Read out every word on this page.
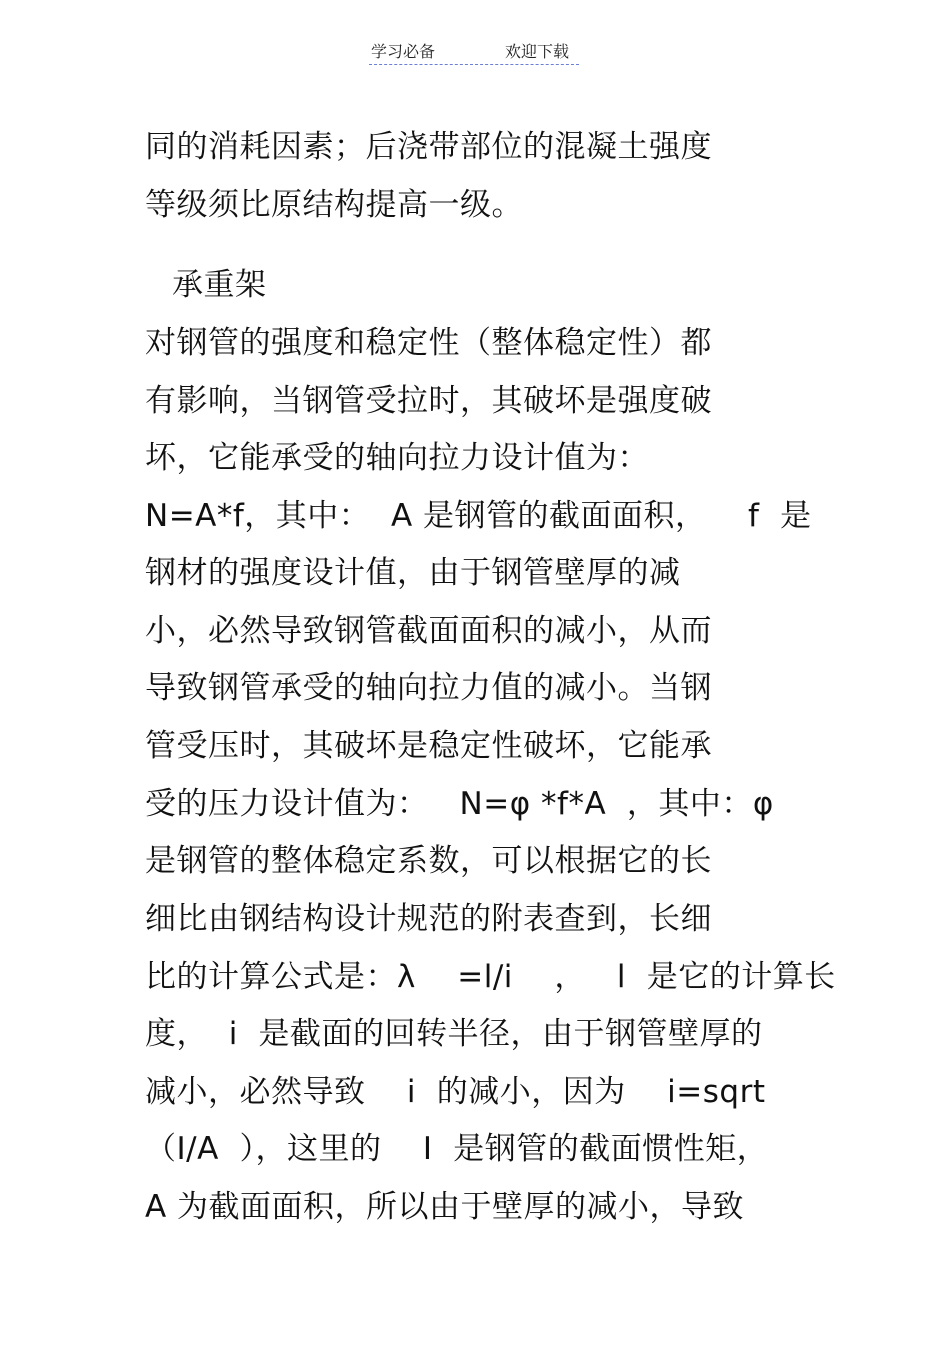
学习必备	欢迎下载
同的消耗因素；后浇带部位的混凝土强度
等级须比原结构提高一级。
承重架
对钢管的强度和稳定性（整体稳定性）都
有影响，当钢管受拉时，其破坏是强度破
坏，它能承受的轴向拉力设计值为：
N=A*f，其中：  A 是钢管的截面面积，    f  是
钢材的强度设计值，由于钢管壁厚的减
小，必然导致钢管截面面积的减小，从而
导致钢管承受的轴向拉力值的减小。当钢
管受压时，其破坏是稳定性破坏，它能承
受的压力设计值为：   N=φ *f*A  ，其中：φ
是钢管的整体稳定系数，可以根据它的长
细比由钢结构设计规范的附表查到，长细
比的计算公式是：λ    =l/i    ，   l  是它的计算长
度，  i  是截面的回转半径，由于钢管壁厚的
减小，必然导致    i  的减小，因为    i=sqrt
（I/A  ），这里的    I  是钢管的截面惯性矩，
A 为截面面积，所以由于壁厚的减小，导致
